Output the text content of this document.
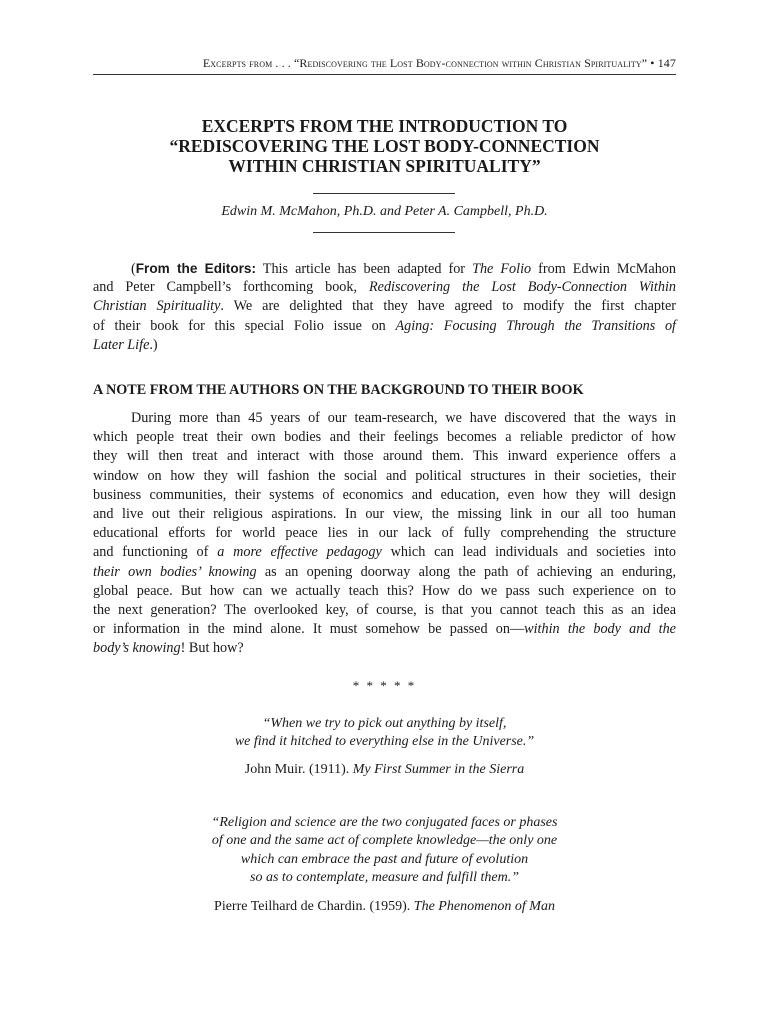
Excerpts from . . . “Rediscovering the Lost Body-connection within Christian Spirituality” • 147
EXCERPTS FROM THE INTRODUCTION TO
“REDISCOVERING THE LOST BODY-CONNECTION
WITHIN CHRISTIAN SPIRITUALITY”
Edwin M. McMahon, Ph.D. and Peter A. Campbell, Ph.D.
(From the Editors: This article has been adapted for The Folio from Edwin McMahon
and Peter Campbell’s forthcoming book, Rediscovering the Lost Body-Connection Within
Christian Spirituality. We are delighted that they have agreed to modify the first chapter
of their book for this special Folio issue on Aging: Focusing Through the Transitions of
Later Life.)
A NOTE FROM THE AUTHORS ON THE BACKGROUND TO THEIR BOOK
During more than 45 years of our team-research, we have discovered that the ways in
which people treat their own bodies and their feelings becomes a reliable predictor of how
they will then treat and interact with those around them. This inward experience offers a
window on how they will fashion the social and political structures in their societies, their
business communities, their systems of economics and education, even how they will design
and live out their religious aspirations. In our view, the missing link in our all too human
educational efforts for world peace lies in our lack of fully comprehending the structure
and functioning of a more effective pedagogy which can lead individuals and societies into
their own bodies’ knowing as an opening doorway along the path of achieving an enduring,
global peace. But how can we actually teach this? How do we pass such experience on to
the next generation? The overlooked key, of course, is that you cannot teach this as an idea
or information in the mind alone. It must somehow be passed on—within the body and the
body’s knowing! But how?
* * * * *
“When we try to pick out anything by itself,
we find it hitched to everything else in the Universe.”
John Muir. (1911). My First Summer in the Sierra
“Religion and science are the two conjugated faces or phases
of one and the same act of complete knowledge—the only one
which can embrace the past and future of evolution
so as to contemplate, measure and fulfill them.”
Pierre Teilhard de Chardin. (1959). The Phenomenon of Man
